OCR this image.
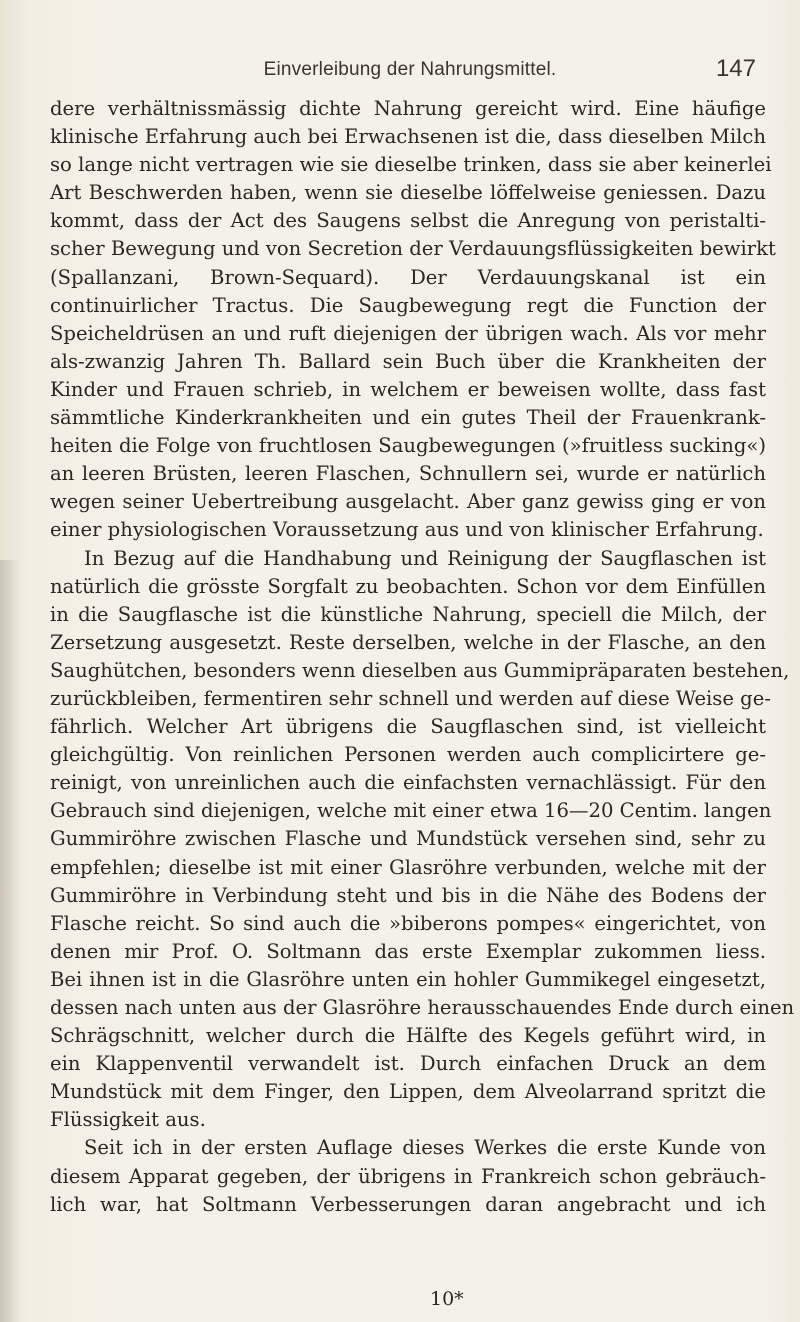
Einverleibung der Nahrungsmittel.	147
dere verhältnissmässig dichte Nahrung gereicht wird. Eine häufige
klinische Erfahrung auch bei Erwachsenen ist die, dass dieselben Milch
so lange nicht vertragen wie sie dieselbe trinken, dass sie aber keinerlei
Art Beschwerden haben, wenn sie dieselbe löffelweise geniessen. Dazu
kommt, dass der Act des Saugens selbst die Anregung von peristalti-
scher Bewegung und von Secretion der Verdauungsflüssigkeiten bewirkt
(Spallanzani, Brown-Sequard). Der Verdauungskanal ist ein
continuirlicher Tractus. Die Saugbewegung regt die Function der
Speicheldrüsen an und ruft diejenigen der übrigen wach. Als vor mehr
als-zwanzig Jahren Th. Ballard sein Buch über die Krankheiten der
Kinder und Frauen schrieb, in welchem er beweisen wollte, dass fast
sämmtliche Kinderkrankheiten und ein gutes Theil der Frauenkrank-
heiten die Folge von fruchtlosen Saugbewegungen (»fruitless sucking«)
an leeren Brüsten, leeren Flaschen, Schnullern sei, wurde er natürlich
wegen seiner Uebertreibung ausgelacht. Aber ganz gewiss ging er von
einer physiologischen Voraussetzung aus und von klinischer Erfahrung.
In Bezug auf die Handhabung und Reinigung der Saugflaschen ist
natürlich die grösste Sorgfalt zu beobachten. Schon vor dem Einfüllen
in die Saugflasche ist die künstliche Nahrung, speciell die Milch, der
Zersetzung ausgesetzt. Reste derselben, welche in der Flasche, an den
Saughütchen, besonders wenn dieselben aus Gummipräparaten bestehen,
zurückbleiben, fermentiren sehr schnell und werden auf diese Weise ge-
fährlich. Welcher Art übrigens die Saugflaschen sind, ist vielleicht
gleichgültig. Von reinlichen Personen werden auch complicirtere ge-
reinigt, von unreinlichen auch die einfachsten vernachlässigt. Für den
Gebrauch sind diejenigen, welche mit einer etwa 16—20 Centim. langen
Gummiröhre zwischen Flasche und Mundstück versehen sind, sehr zu
empfehlen; dieselbe ist mit einer Glasröhre verbunden, welche mit der
Gummiröhre in Verbindung steht und bis in die Nähe des Bodens der
Flasche reicht. So sind auch die »biberons pompes« eingerichtet, von
denen mir Prof. O. Soltmann das erste Exemplar zukommen liess.
Bei ihnen ist in die Glasröhre unten ein hohler Gummikegel eingesetzt,
dessen nach unten aus der Glasröhre herausschauendes Ende durch einen
Schrägschnitt, welcher durch die Hälfte des Kegels geführt wird, in
ein Klappenventil verwandelt ist. Durch einfachen Druck an dem
Mundstück mit dem Finger, den Lippen, dem Alveolarrand spritzt die
Flüssigkeit aus.
Seit ich in der ersten Auflage dieses Werkes die erste Kunde von
diesem Apparat gegeben, der übrigens in Frankreich schon gebräuch-
lich war, hat Soltmann Verbesserungen daran angebracht und ich
10*
